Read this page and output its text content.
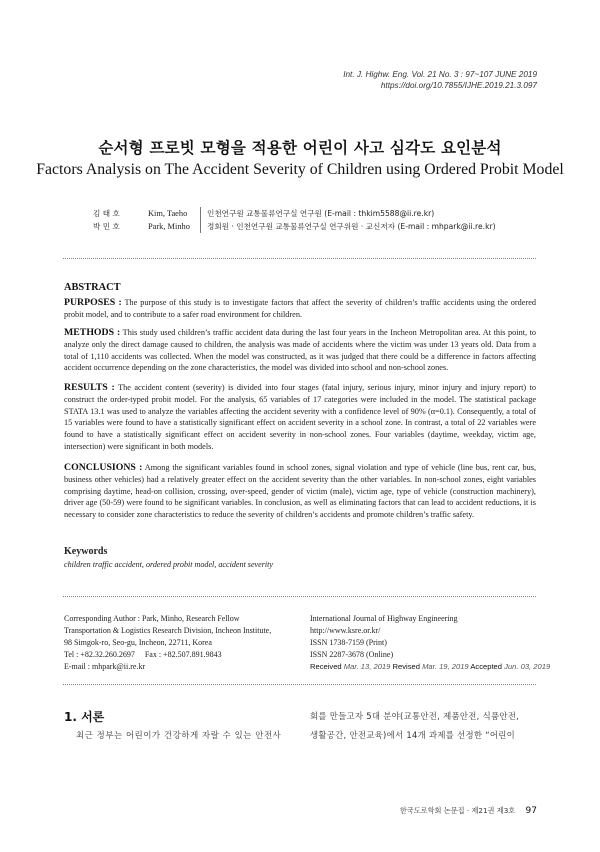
Int. J. Highw. Eng. Vol. 21 No. 3 : 97~107 JUNE 2019
https://doi.org/10.7855/IJHE.2019.21.3.097
순서형 프로빗 모형을 적용한 어린이 사고 심각도 요인분석
Factors Analysis on The Accident Severity of Children using Ordered Probit Model
김 태 호	Kim, Taeho	인천연구원 교통물류연구실 연구원 (E-mail : thkim5588@ii.re.kr)
박 민 호	Park, Minho	정회원 · 인천연구원 교통물류연구실 연구위원 · 교신저자 (E-mail : mhpark@ii.re.kr)
ABSTRACT
PURPOSES : The purpose of this study is to investigate factors that affect the severity of children’s traffic accidents using the ordered probit model, and to contribute to a safer road environment for children.
METHODS : This study used children’s traffic accident data during the last four years in the Incheon Metropolitan area. At this point, to analyze only the direct damage caused to children, the analysis was made of accidents where the victim was under 13 years old. Data from a total of 1,110 accidents was collected. When the model was constructed, as it was judged that there could be a difference in factors affecting accident occurrence depending on the zone characteristics, the model was divided into school and non-school zones.
RESULTS : The accident content (severity) is divided into four stages (fatal injury, serious injury, minor injury and injury report) to construct the order-typed probit model. For the analysis, 65 variables of 17 categories were included in the model. The statistical package STATA 13.1 was used to analyze the variables affecting the accident severity with a confidence level of 90% (α=0.1). Consequently, a total of 15 variables were found to have a statistically significant effect on accident severity in a school zone. In contrast, a total of 22 variables were found to have a statistically significant effect on accident severity in non-school zones. Four variables (daytime, weekday, victim age, intersection) were significant in both models.
CONCLUSIONS : Among the significant variables found in school zones, signal violation and type of vehicle (line bus, rent car, bus, business other vehicles) had a relatively greater effect on the accident severity than the other variables. In non-school zones, eight variables comprising daytime, head-on collision, crossing, over-speed, gender of victim (male), victim age, type of vehicle (construction machinery), driver age (50-59) were found to be significant variables. In conclusion, as well as eliminating factors that can lead to accident reductions, it is necessary to consider zone characteristics to reduce the severity of children’s accidents and promote children’s traffic safety.
Keywords
children traffic accident, ordered probit model, accident severity
Corresponding Author : Park, Minho, Research Fellow
Transportation & Logistics Research Division, Incheon Institute,
98 Simgok-ro, Seo-gu, Incheon, 22711, Korea
Tel : +82.32.260.2697     Fax : +82.507.891.9843
E-mail : mhpark@ii.re.kr
International Journal of Highway Engineering
http://www.ksre.or.kr/
ISSN 1738-7159 (Print)
ISSN 2287-3678 (Online)
Received Mar. 13, 2019 Revised Mar. 19, 2019 Accepted Jun. 03, 2019
1. 서론
최근 정부는 어린이가 건강하게 자랄 수 있는 안전사
회를 만들고자 5대 분야(교통안전, 제품안전, 식품안전,
생활공간, 안전교육)에서 14개 과제를 선정한 “어린이
한국도로학회 논문집 · 제21권 제3호 97
